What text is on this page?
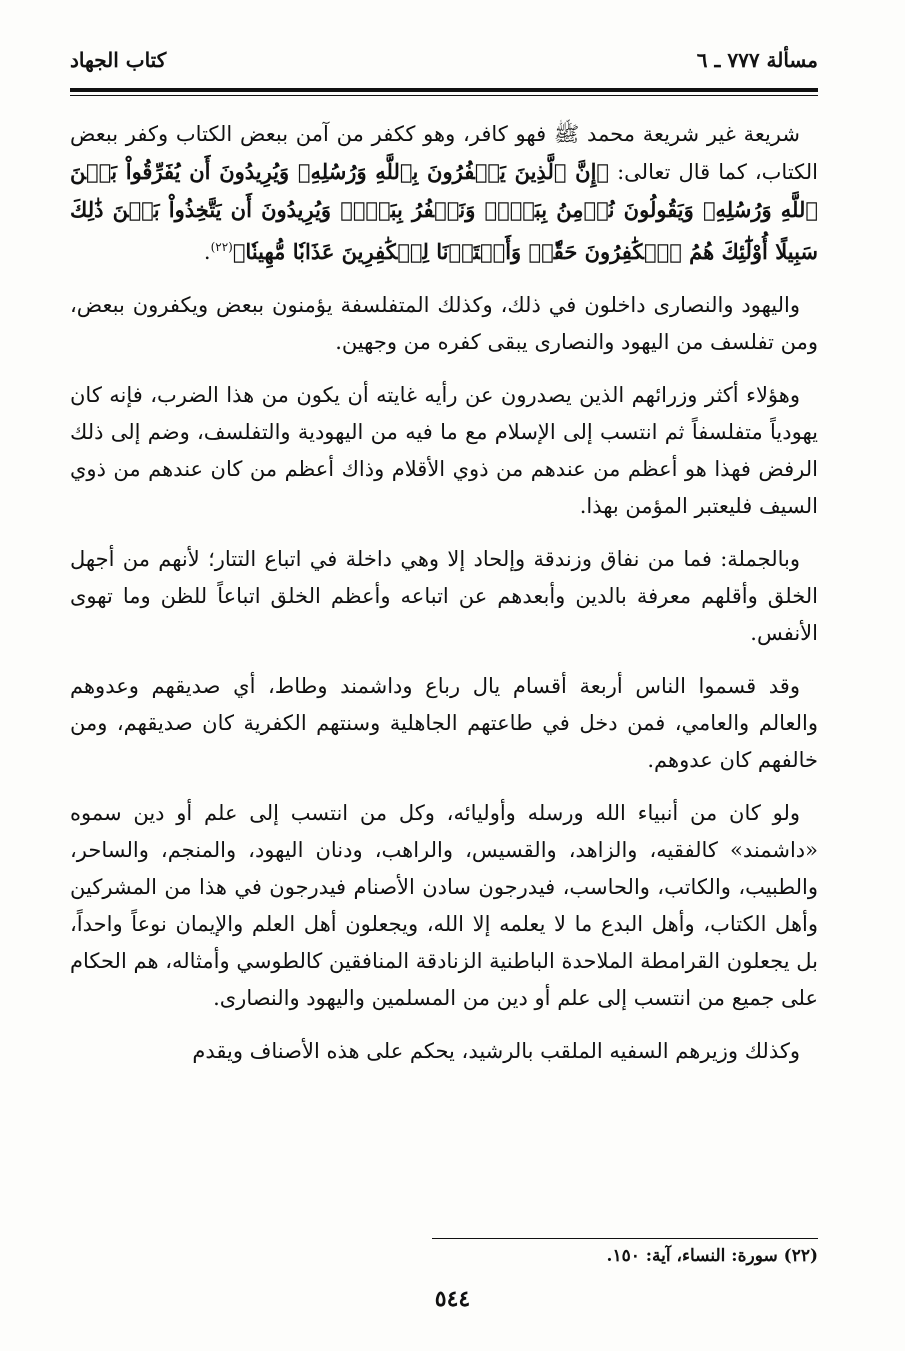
مسألة ٧٧٧ ـ ٦
كتاب الجهاد

شريعة غير شريعة محمد ﷺ فهو كافر، وهو ككفر من آمن ببعض الكتاب وكفر ببعض الكتاب، كما قال تعالى: ﴿إِنَّ ٱلَّذِينَ يَكۡفُرُونَ بِٱللَّهِ وَرُسُلِهِۦ وَيُرِيدُونَ أَن يُفَرِّقُواْ بَيۡنَ ٱللَّهِ وَرُسُلِهِۦ وَيَقُولُونَ نُؤۡمِنُ بِبَعۡضٖ وَنَكۡفُرُ بِبَعۡضٖ وَيُرِيدُونَ أَن يَتَّخِذُواْ بَيۡنَ ذَٰلِكَ سَبِيلًا أُوْلَٰٓئِكَ هُمُ ٱلۡكَٰفِرُونَ حَقّٗاۚ وَأَعۡتَدۡنَا لِلۡكَٰفِرِينَ عَذَابٗا مُّهِينٗا﴾$^{(٢٢)}$.

واليهود والنصارى داخلون في ذلك، وكذلك المتفلسفة يؤمنون ببعض ويكفرون ببعض، ومن تفلسف من اليهود والنصارى يبقى كفره من وجهين.

وهؤلاء أكثر وزرائهم الذين يصدرون عن رأيه غايته أن يكون من هذا الضرب، فإنه كان يهودياً متفلسفاً ثم انتسب إلى الإسلام مع ما فيه من اليهودية والتفلسف، وضم إلى ذلك الرفض فهذا هو أعظم من عندهم من ذوي الأقلام وذاك أعظم من كان عندهم من ذوي السيف فليعتبر المؤمن بهذا.

وبالجملة: فما من نفاق وزندقة وإلحاد إلا وهي داخلة في اتباع التتار؛ لأنهم من أجهل الخلق وأقلهم معرفة بالدين وأبعدهم عن اتباعه وأعظم الخلق اتباعاً للظن وما تهوى الأنفس.

وقد قسموا الناس أربعة أقسام يال رباع وداشمند وطاط، أي صديقهم وعدوهم والعالم والعامي، فمن دخل في طاعتهم الجاهلية وسنتهم الكفرية كان صديقهم، ومن خالفهم كان عدوهم.

ولو كان من أنبياء الله ورسله وأوليائه، وكل من انتسب إلى علم أو دين سموه «داشمند» كالفقيه، والزاهد، والقسيس، والراهب، ودنان اليهود، والمنجم، والساحر، والطبيب، والكاتب، والحاسب، فيدرجون سادن الأصنام فيدرجون في هذا من المشركين وأهل الكتاب، وأهل البدع ما لا يعلمه إلا الله، ويجعلون أهل العلم والإيمان نوعاً واحداً، بل يجعلون القرامطة الملاحدة الباطنية الزنادقة المنافقين كالطوسي وأمثاله، هم الحكام على جميع من انتسب إلى علم أو دين من المسلمين واليهود والنصارى.

وكذلك وزيرهم السفيه الملقب بالرشيد، يحكم على هذه الأصناف ويقدم

(٢٢) سورة: النساء، آية: ١٥٠.
٥٤٤
